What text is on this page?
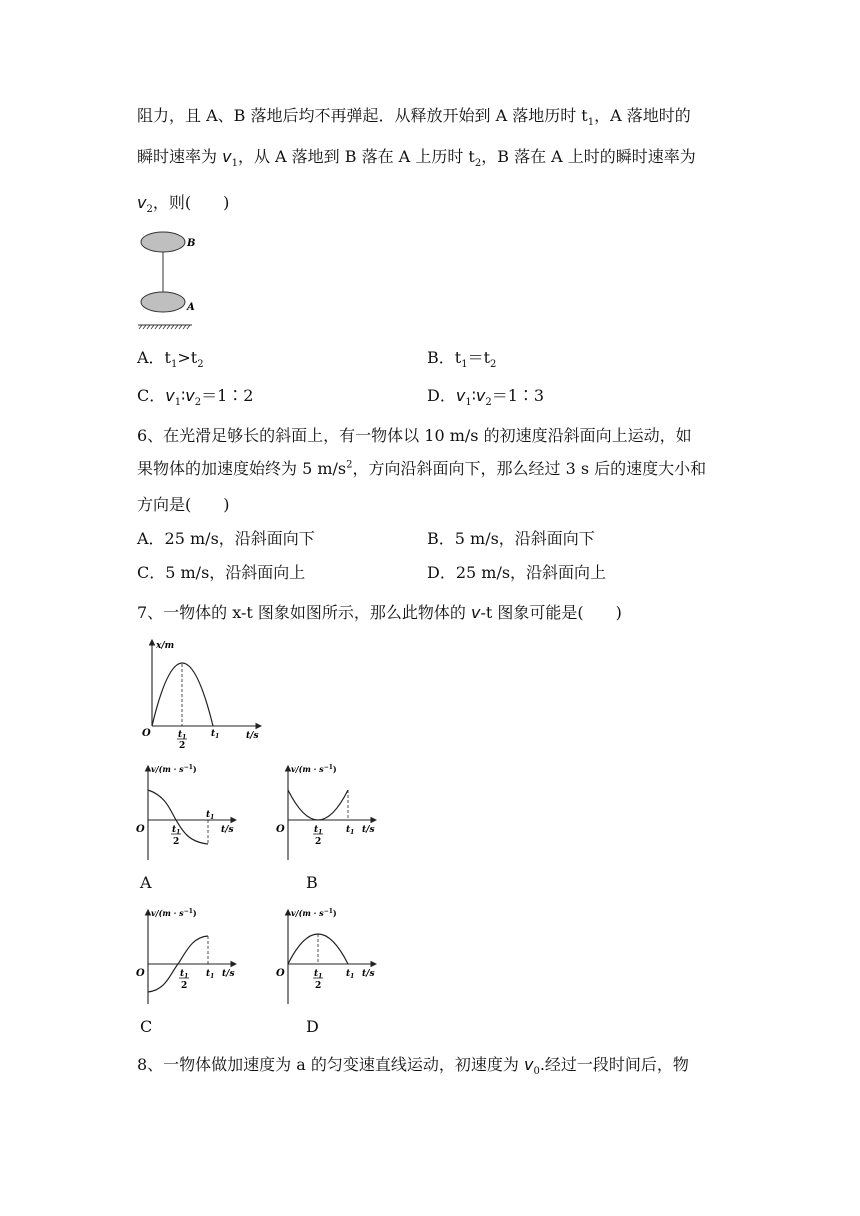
阻力，且 A、B 落地后均不再弹起．从释放开始到 A 落地历时 $t_1$，A 落地时的
瞬时速率为 $v_1$，从 A 落地到 B 落在 A 上历时 $t_2$，B 落在 A 上时的瞬时速率为
$v_2$，则(　　)
B
A
A．$t_1>t_2$	B．$t_1=t_2$
C．$v_1∶v_2=1∶2$	D．$v_1∶v_2=1∶3$
6、在光滑足够长的斜面上，有一物体以 10 m/s 的初速度沿斜面向上运动，如
果物体的加速度始终为 5 $m/s^2$，方向沿斜面向下，那么经过 3 s 后的速度大小和
方向是(　　)
A．25 m/s，沿斜面向下	B．5 m/s，沿斜面向下
C．5 m/s，沿斜面向上	D．25 m/s，沿斜面向上
7、一物体的 x-t 图象如图所示，那么此物体的 v-t 图象可能是(　　)
x/m
t/s
O	$t_1$
2
$t_1$
$v/(m \cdot s^{-1})$
O
$t_1$
t/s
$t_1$
2
$v/(m \cdot s^{-1})$
O	$t_1$ t/s
$t_1$
2
A	B
$v/(m \cdot s^{-1})$
O	$t_1$ t/s
$t_1$
2
$v/(m \cdot s^{-1})$
O	$t_1$ t/s
$t_1$
2
C	D
8、一物体做加速度为 a 的匀变速直线运动，初速度为 $v_0$.经过一段时间后，物
